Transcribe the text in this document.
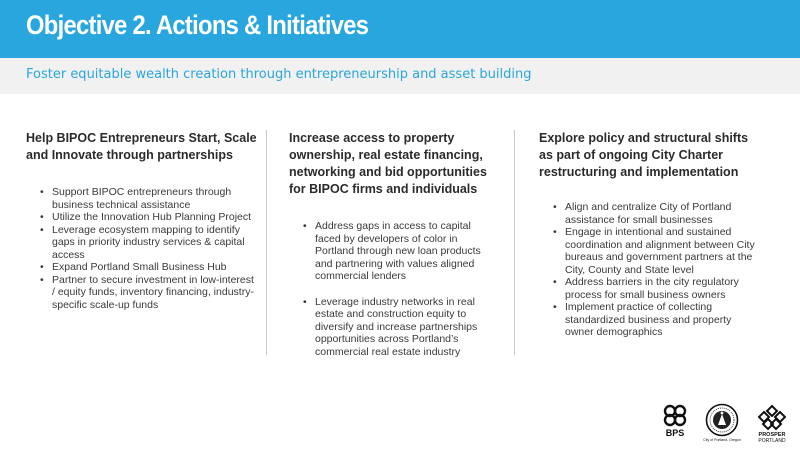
Objective 2. Actions & Initiatives
Foster equitable wealth creation through entrepreneurship and asset building
Help BIPOC Entrepreneurs Start, Scale and Innovate through partnerships
• Support BIPOC entrepreneurs through business technical assistance
• Utilize the Innovation Hub Planning Project
• Leverage ecosystem mapping to identify gaps in priority industry services & capital access
• Expand Portland Small Business Hub
• Partner to secure investment in low-interest / equity funds, inventory financing, industry-specific scale-up funds
Increase access to property ownership, real estate financing, networking and bid opportunities for BIPOC firms and individuals
• Address gaps in access to capital faced by developers of color in Portland through new loan products and partnering with values aligned commercial lenders
• Leverage industry networks in real estate and construction equity to diversify and increase partnerships opportunities across Portland’s commercial real estate industry
Explore policy and structural shifts as part of ongoing City Charter restructuring and implementation
• Align and centralize City of Portland assistance for small businesses
• Engage in intentional and sustained coordination and alignment between City bureaus and government partners at the City, County and State level
• Address barriers in the city regulatory process for small business owners
• Implement practice of collecting standardized business and property owner demographics
BPS
City of Portland, Oregon
PROSPER
PORTLAND
